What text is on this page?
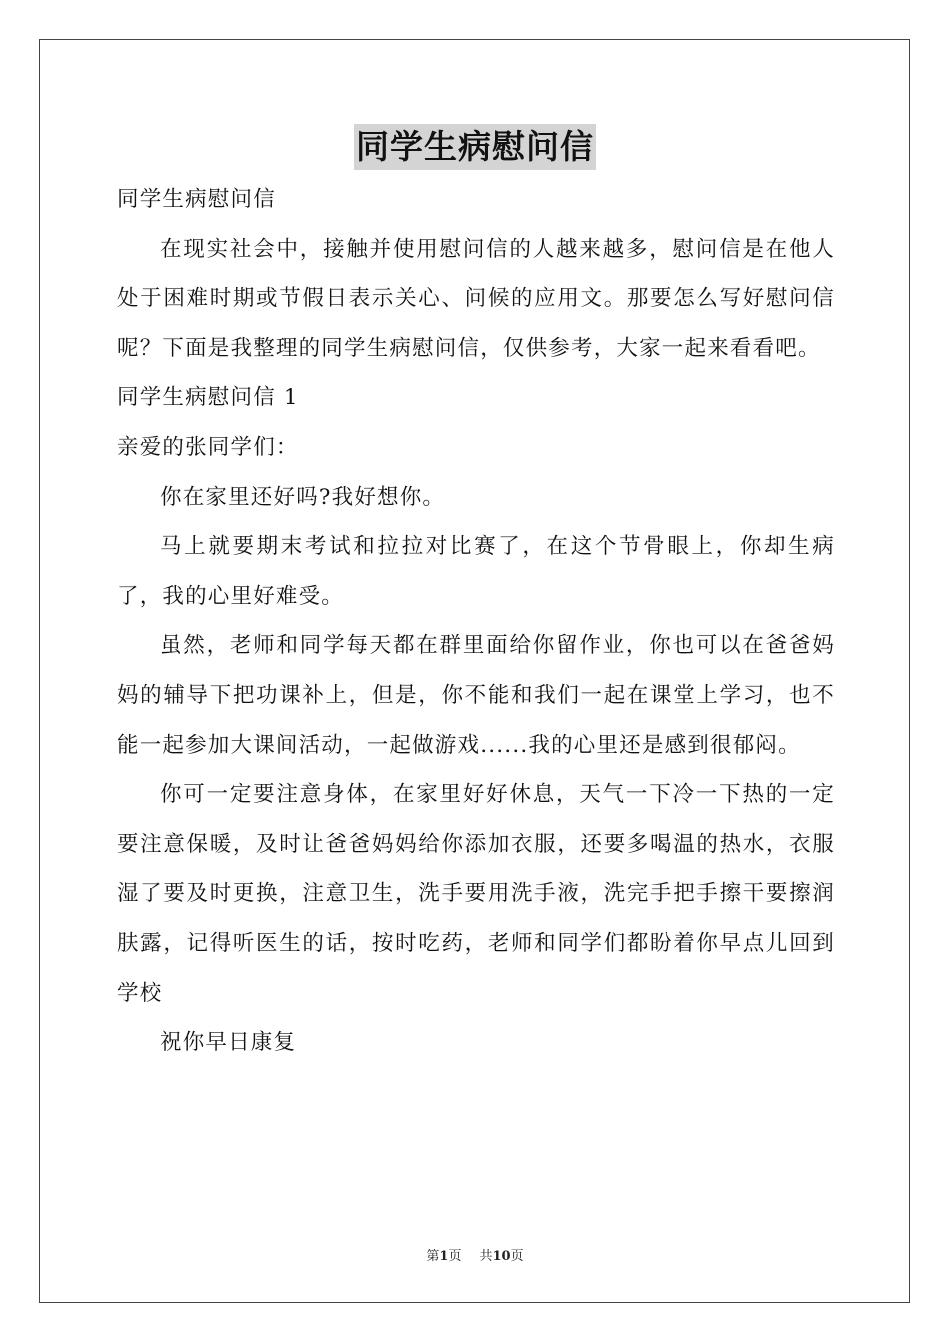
同学生病慰问信

同学生病慰问信

在现实社会中，接触并使用慰问信的人越来越多，慰问信是在他人处于困难时期或节假日表示关心、问候的应用文。那要怎么写好慰问信呢？下面是我整理的同学生病慰问信，仅供参考，大家一起来看看吧。

同学生病慰问信 1

亲爱的张同学们：

你在家里还好吗?我好想你。

马上就要期末考试和拉拉对比赛了，在这个节骨眼上，你却生病了，我的心里好难受。

虽然，老师和同学每天都在群里面给你留作业，你也可以在爸爸妈妈的辅导下把功课补上，但是，你不能和我们一起在课堂上学习，也不能一起参加大课间活动，一起做游戏......我的心里还是感到很郁闷。

你可一定要注意身体，在家里好好休息，天气一下冷一下热的一定要注意保暖，及时让爸爸妈妈给你添加衣服，还要多喝温的热水，衣服湿了要及时更换，注意卫生，洗手要用洗手液，洗完手把手擦干要擦润肤露，记得听医生的话，按时吃药，老师和同学们都盼着你早点儿回到学校

祝你早日康复

第1页 共10页
